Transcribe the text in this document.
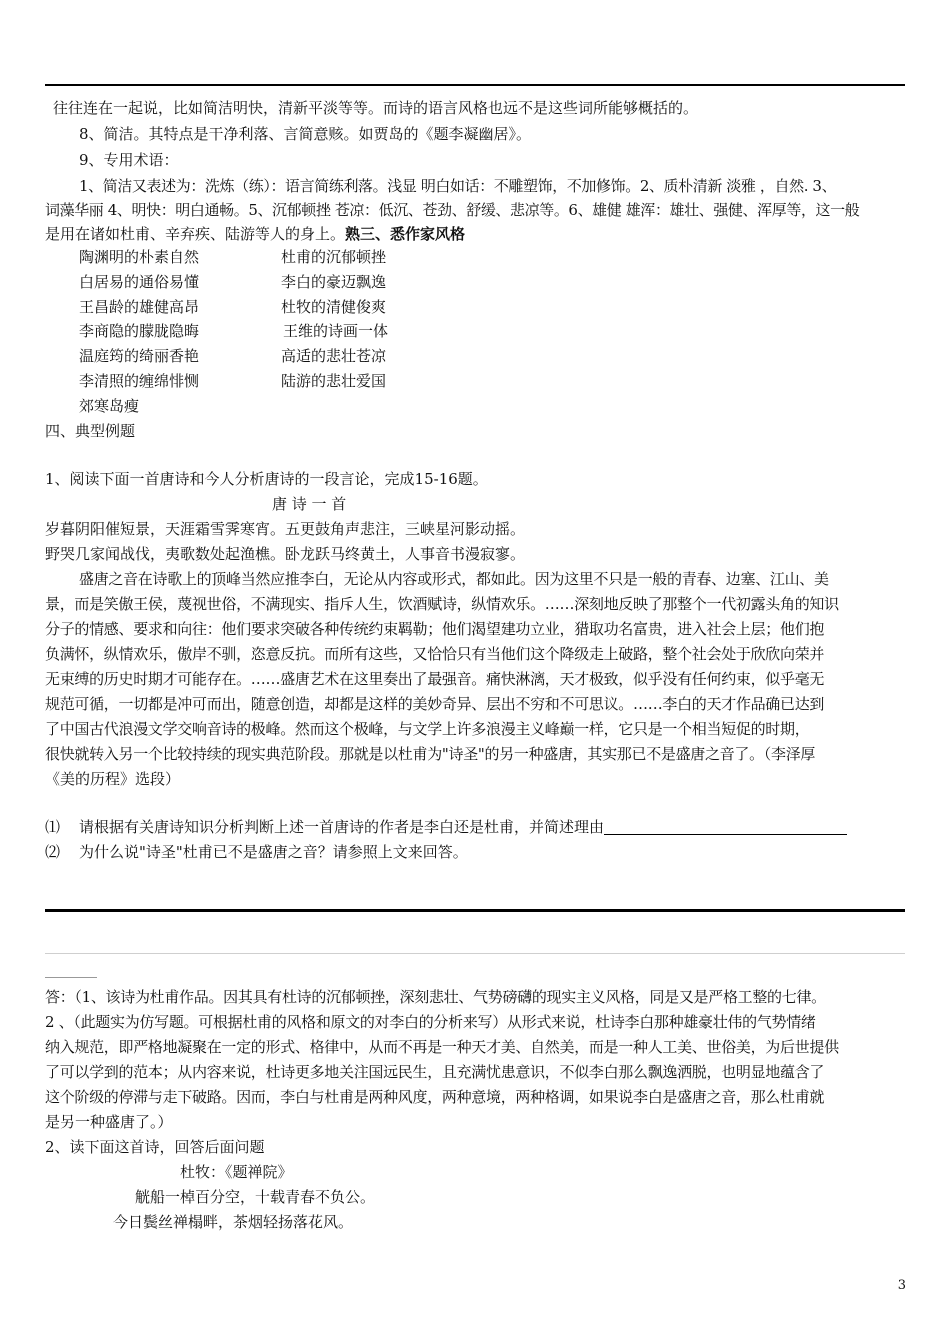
往往连在一起说，比如简洁明快，清新平淡等等。而诗的语言风格也远不是这些词所能够概括的。
8、简洁。其特点是干净利落、言简意赅。如贾岛的《题李凝幽居》。
9、专用术语：
1、简洁又表述为：洗炼（练）：语言简练利落。浅显 明白如话：不雕塑饰，不加修饰。2、质朴清新 淡雅 ，自然. 3、
词藻华丽 4、明快：明白通畅。5、沉郁顿挫 苍凉：低沉、苍劲、舒缓、悲凉等。6、雄健 雄浑：雄壮、强健、浑厚等，这一般
是用在诸如杜甫、辛弃疾、陆游等人的身上。熟三、悉作家风格
陶渊明的朴素自然	杜甫的沉郁顿挫
白居易的通俗易懂	李白的豪迈飘逸
王昌龄的雄健高昂	杜牧的清健俊爽
李商隐的朦胧隐晦	王维的诗画一体
温庭筠的绮丽香艳	高适的悲壮苍凉
李清照的缠绵悱恻	陆游的悲壮爱国
郊寒岛瘦
四、典型例题
1、阅读下面一首唐诗和今人分析唐诗的一段言论，完成15-16题。
唐 诗 一 首
岁暮阴阳催短景，天涯霜雪霁寒宵。五更鼓角声悲注，三峡星河影动摇。
野哭几家闻战伐，夷歌数处起渔樵。卧龙跃马终黄土，人事音书漫寂寥。
盛唐之音在诗歌上的顶峰当然应推李白，无论从内容或形式，都如此。因为这里不只是一般的青春、边塞、江山、美
景，而是笑傲王侯，蔑视世俗，不满现实、指斥人生，饮酒赋诗，纵情欢乐。……深刻地反映了那整个一代初露头角的知识
分子的情感、要求和向往：他们要求突破各种传统约束羁勒；他们渴望建功立业，猎取功名富贵，进入社会上层；他们抱
负满怀，纵情欢乐，傲岸不驯，恣意反抗。而所有这些，又恰恰只有当他们这个降级走上破路，整个社会处于欣欣向荣并
无束缚的历史时期才可能存在。……盛唐艺术在这里奏出了最强音。痛快淋漓，天才极致，似乎没有任何约束，似乎毫无
规范可循，一切都是冲可而出，随意创造，却都是这样的美妙奇异、层出不穷和不可思议。……李白的天才作品确已达到
了中国古代浪漫文学交响音诗的极峰。然而这个极峰，与文学上许多浪漫主义峰巅一样，它只是一个相当短促的时期，
很快就转入另一个比较持续的现实典范阶段。那就是以杜甫为"诗圣"的另一种盛唐，其实那已不是盛唐之音了。（李泽厚
《美的历程》选段）
⑴ 请根据有关唐诗知识分析判断上述一首唐诗的作者是李白还是杜甫，并简述理由
⑵ 为什么说"诗圣"杜甫已不是盛唐之音？请参照上文来回答。
答：（1、该诗为杜甫作品。因其具有杜诗的沉郁顿挫，深刻悲壮、气势磅礴的现实主义风格，同是又是严格工整的七律。
2 、（此题实为仿写题。可根据杜甫的风格和原文的对李白的分析来写）从形式来说，杜诗李白那种雄豪壮伟的气势情绪
纳入规范，即严格地凝聚在一定的形式、格律中，从而不再是一种天才美、自然美，而是一种人工美、世俗美，为后世提供
了可以学到的范本；从内容来说，杜诗更多地关注国远民生，且充满忧患意识，不似李白那么飘逸洒脱，也明显地蕴含了
这个阶级的停滞与走下破路。因而，李白与杜甫是两种风度，两种意境，两种格调，如果说李白是盛唐之音，那么杜甫就
是另一种盛唐了。）
2、读下面这首诗，回答后面问题
杜牧：《题禅院》
觥船一棹百分空，十载青春不负公。
今日鬓丝禅榻畔，茶烟轻扬落花风。
3
